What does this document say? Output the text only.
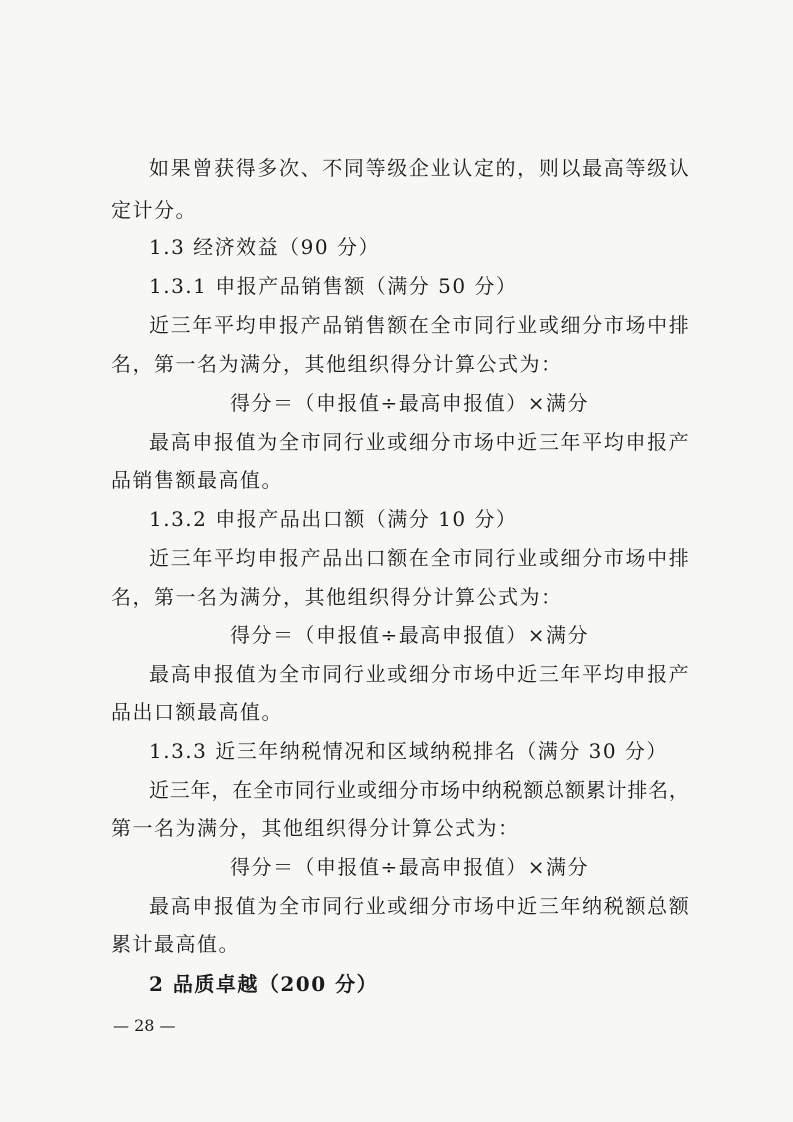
如 果 曾 获 得 多 次 、 不 同 等 级 企 业 认 定 的 ， 则 以 最 高 等 级 认
定计分。
1.3 经济效益（90 分）
1.3.1 申报产品销售额（满分 50 分）
近 三 年 平 均 申 报 产 品 销 售 额 在 全 市 同 行 业 或 细 分 市 场 中 排
名，第一名为满分，其他组织得分计算公式为：
得分＝（申报值÷最高申报值）×满分
最 高 申 报 值 为 全 市 同 行 业 或 细 分 市 场 中 近 三 年 平 均 申 报 产
品销售额最高值。
1.3.2 申报产品出口额（满分 10 分）
近 三 年 平 均 申 报 产 品 出 口 额 在 全 市 同 行 业 或 细 分 市 场 中 排
名，第一名为满分，其他组织得分计算公式为：
得分＝（申报值÷最高申报值）×满分
最 高 申 报 值 为 全 市 同 行 业 或 细 分 市 场 中 近 三 年 平 均 申 报 产
品出口额最高值。
1.3.3 近三年纳税情况和区域纳税排名（满分 30 分）
近 三 年 ， 在 全 市 同 行 业 或 细 分 市 场 中 纳 税 额 总 额 累 计 排 名 ，
第一名为满分，其他组织得分计算公式为：
得分＝（申报值÷最高申报值）×满分
最 高 申 报 值 为 全 市 同 行 业 或 细 分 市 场 中 近 三 年 纳 税 额 总 额
累计最高值。
2 品质卓越（200 分）
— 28 —
